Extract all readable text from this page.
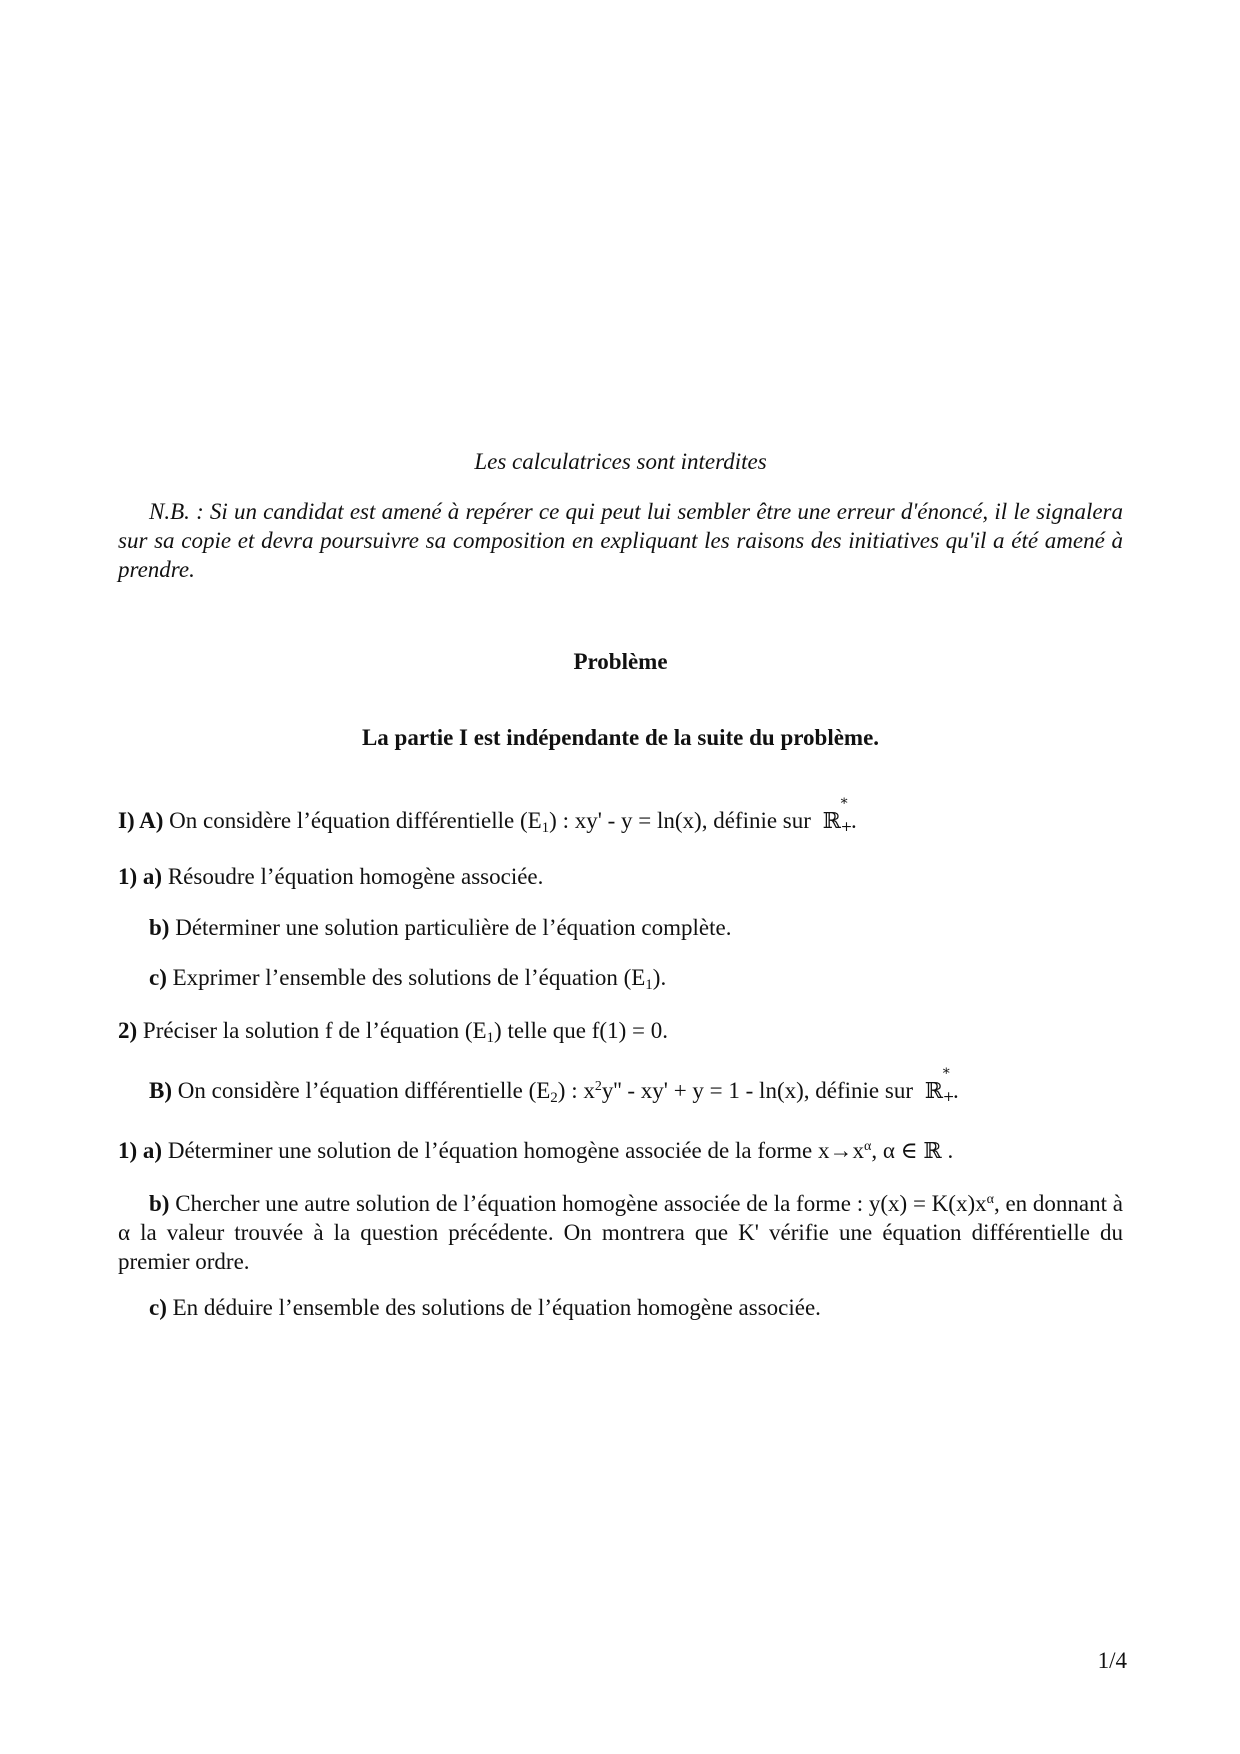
Les calculatrices sont interdites
N.B. : Si un candidat est amené à repérer ce qui peut lui sembler être une erreur d'énoncé, il le signalera sur sa copie et devra poursuivre sa composition en expliquant les raisons des initiatives qu'il a été amené à prendre.
Problème
La partie I est indépendante de la suite du problème.
I) A) On considère l’équation différentielle $(E_1)$ : xy' - y = ln(x), définie sur ℝ
*
+
.
1) a) Résoudre l’équation homogène associée.
b) Déterminer une solution particulière de l’équation complète.
c) Exprimer l’ensemble des solutions de l’équation $(E_1)$.
2) Préciser la solution f de l’équation $(E_1)$ telle que f(1) = 0.
B) On considère l’équation différentielle $(E_2)$ : $x^2y'' - xy' + y = 1 - \ln(x)$, définie sur ℝ
*
+
.
1) a) Déterminer une solution de l’équation homogène associée de la forme $x\to x^\alpha$, α ∈ ℝ .
b) Chercher une autre solution de l’équation homogène associée de la forme : $y(x) = K(x)x^\alpha$, en donnant à α la valeur trouvée à la question précédente. On montrera que K' vérifie une équation différentielle du premier ordre.
c) En déduire l’ensemble des solutions de l’équation homogène associée.
1/4
